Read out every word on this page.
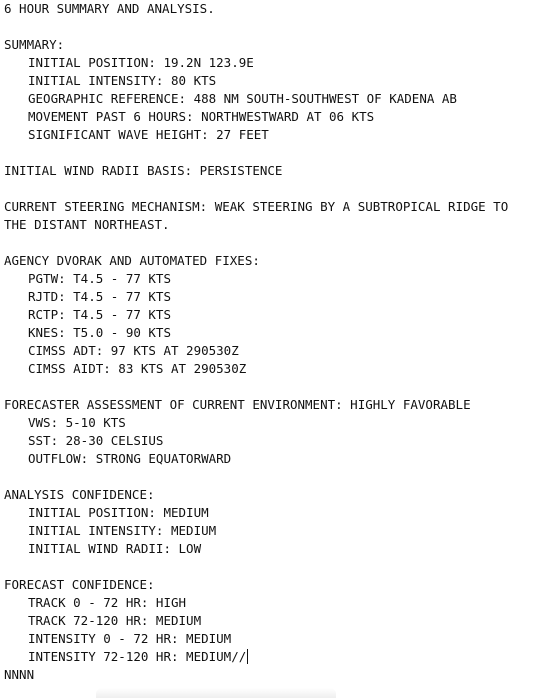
6 HOUR SUMMARY AND ANALYSIS.
SUMMARY:
INITIAL POSITION: 19.2N 123.9E
INITIAL INTENSITY: 80 KTS
GEOGRAPHIC REFERENCE: 488 NM SOUTH-SOUTHWEST OF KADENA AB
MOVEMENT PAST 6 HOURS: NORTHWESTWARD AT 06 KTS
SIGNIFICANT WAVE HEIGHT: 27 FEET
INITIAL WIND RADII BASIS: PERSISTENCE
CURRENT STEERING MECHANISM: WEAK STEERING BY A SUBTROPICAL RIDGE TO
THE DISTANT NORTHEAST.
AGENCY DVORAK AND AUTOMATED FIXES:
PGTW: T4.5 - 77 KTS
RJTD: T4.5 - 77 KTS
RCTP: T4.5 - 77 KTS
KNES: T5.0 - 90 KTS
CIMSS ADT: 97 KTS AT 290530Z
CIMSS AIDT: 83 KTS AT 290530Z
FORECASTER ASSESSMENT OF CURRENT ENVIRONMENT: HIGHLY FAVORABLE
VWS: 5-10 KTS
SST: 28-30 CELSIUS
OUTFLOW: STRONG EQUATORWARD
ANALYSIS CONFIDENCE:
INITIAL POSITION: MEDIUM
INITIAL INTENSITY: MEDIUM
INITIAL WIND RADII: LOW
FORECAST CONFIDENCE:
TRACK 0 - 72 HR: HIGH
TRACK 72-120 HR: MEDIUM
INTENSITY 0 - 72 HR: MEDIUM
INTENSITY 72-120 HR: MEDIUM//
NNNN
